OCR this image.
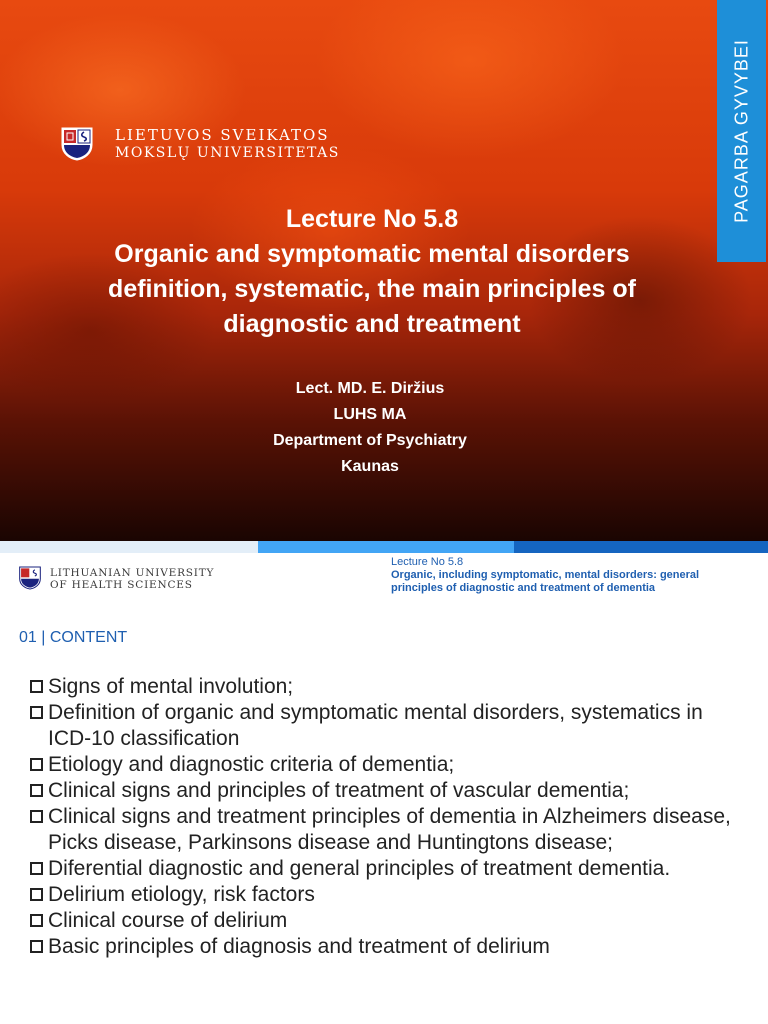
LIETUVOS SVEIKATOS
MOKSLŲ UNIVERSITETAS	PAGARBA GYVYBEI
Lecture No 5.8
Organic and symptomatic mental disorders
definition, systematic, the main principles of
diagnostic and treatment
Lect. MD. E. Diržius
LUHS MA
Department of Psychiatry
Kaunas
LITHUANIAN UNIVERSITY
OF HEALTH SCIENCES
Lecture No 5.8
Organic, including symptomatic, mental disorders: general
principles of diagnostic and treatment of dementia
01 | CONTENT
Signs of mental involution;
Definition of organic and symptomatic mental disorders, systematics in ICD-10 classification
Etiology and diagnostic criteria of dementia;
Clinical signs and principles of treatment of vascular dementia;
Clinical signs and treatment principles of dementia in Alzheimers disease, Picks disease, Parkinsons disease and Huntingtons disease;
Diferential diagnostic and general principles of treatment dementia.
Delirium etiology, risk factors
Clinical course of delirium
Basic principles of diagnosis and treatment of delirium
